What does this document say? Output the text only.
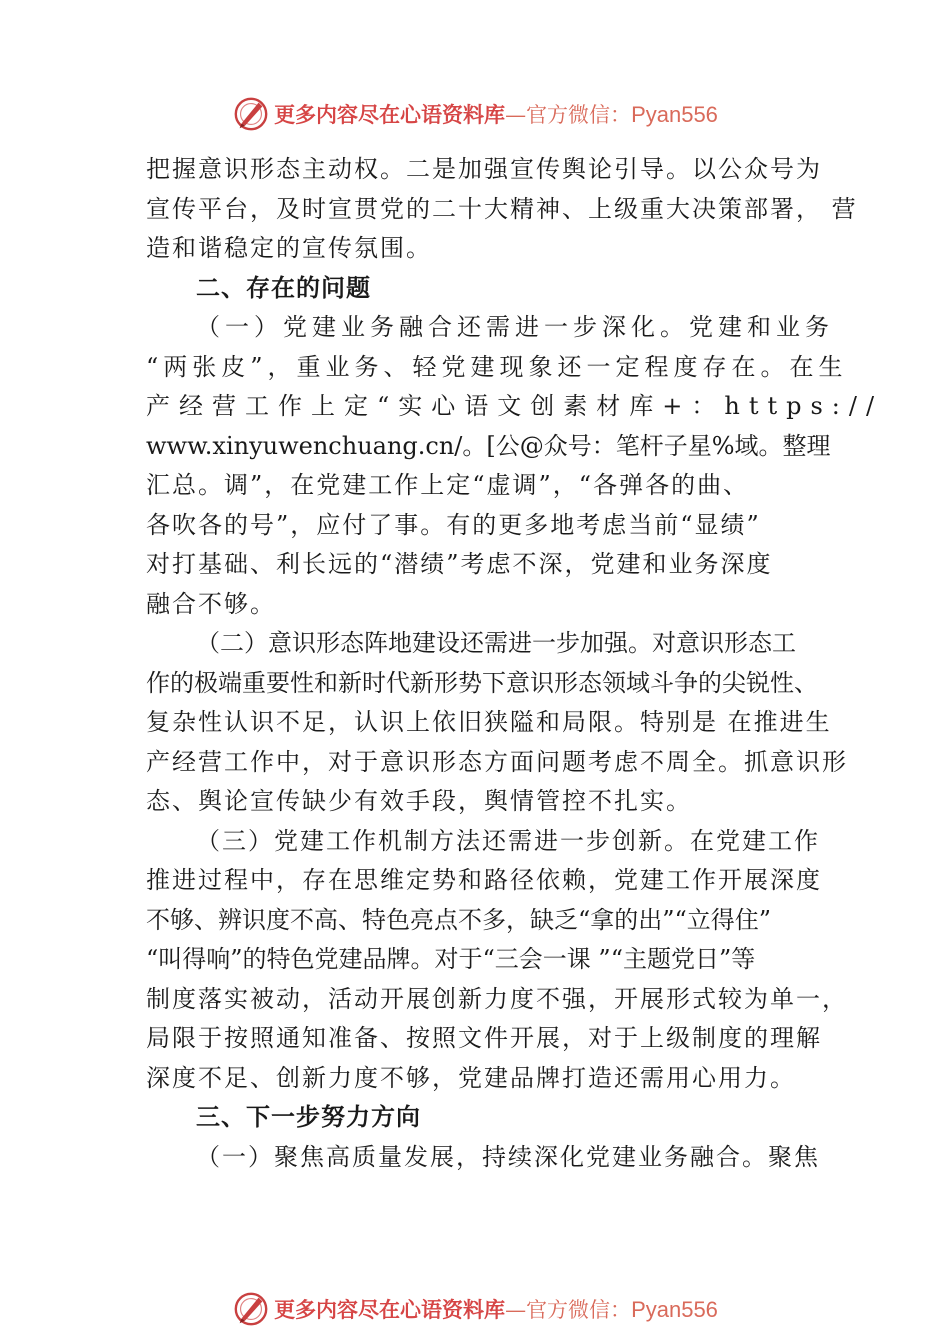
更多内容尽在心语资料库—官方微信：Pyan556
把握意识形态主动权。二是加强宣传舆论引导。以公众号为
宣传平台，及时宣贯党的二十大精神、上级重大决策部署， 营
造和谐稳定的宣传氛围。
二、存在的问题
（一）党建业务融合还需进一步深化。党建和业务
“两张皮”，重业务、轻党建现象还一定程度存在。在生
产经营工作上定“实心语文创素材库+：https://
www.xinyuwenchuang.cn/。[公@众号：笔杆子星%域。整理
汇总。调”，在党建工作上定“虚调”，“各弹各的曲、
各吹各的号”，应付了事。有的更多地考虑当前“显绩”
对打基础、利长远的“潜绩”考虑不深，党建和业务深度
融合不够。
（二）意识形态阵地建设还需进一步加强。对意识形态工
作的极端重要性和新时代新形势下意识形态领域斗争的尖锐性、
复杂性认识不足，认识上依旧狭隘和局限。特别是 在推进生
产经营工作中，对于意识形态方面问题考虑不周全。抓意识形
态、舆论宣传缺少有效手段，舆情管控不扎实。
（三）党建工作机制方法还需进一步创新。在党建工作
推进过程中，存在思维定势和路径依赖，党建工作开展深度
不够、辨识度不高、特色亮点不多，缺乏“拿的出”“立得住”
“叫得响”的特色党建品牌。对于“三会一课 ”“主题党日”等
制度落实被动，活动开展创新力度不强，开展形式较为单一，
局限于按照通知准备、按照文件开展，对于上级制度的理解
深度不足、创新力度不够，党建品牌打造还需用心用力。
三、下一步努力方向
（一）聚焦高质量发展，持续深化党建业务融合。聚焦
更多内容尽在心语资料库—官方微信：Pyan556
